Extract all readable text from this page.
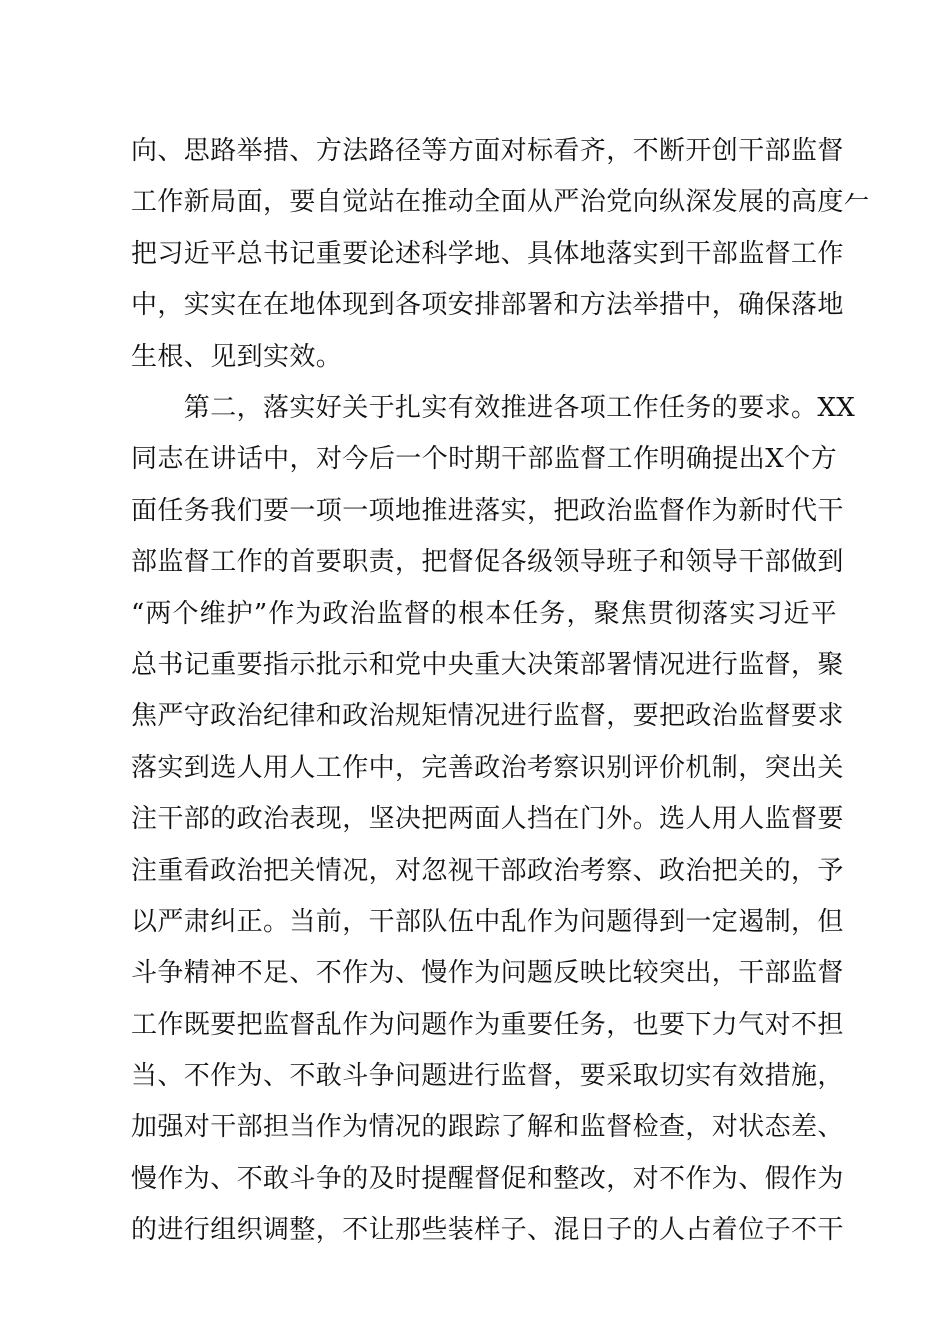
向、思路举措、方法路径等方面对标看齐，不断开创干部监督
工作新局面，要自觉站在推动全面从严治党向纵深发展的高度𠂉
把习近平总书记重要论述科学地、具体地落实到干部监督工作
中，实实在在地体现到各项安排部署和方法举措中，确保落地
生根、见到实效。
　　第二，落实好关于扎实有效推进各项工作任务的要求。XX
同志在讲话中，对今后一个时期干部监督工作明确提出X个方
面任务我们要一项一项地推进落实，把政治监督作为新时代干
部监督工作的首要职责，把督促各级领导班子和领导干部做到
“两个维护”作为政治监督的根本任务，聚焦贯彻落实习近平
总书记重要指示批示和党中央重大决策部署情况进行监督，聚
焦严守政治纪律和政治规矩情况进行监督，要把政治监督要求
落实到选人用人工作中，完善政治考察识别评价机制，突出关
注干部的政治表现，坚决把两面人挡在门外。选人用人监督要
注重看政治把关情况，对忽视干部政治考察、政治把关的，予
以严肃纠正。当前，干部队伍中乱作为问题得到一定遏制，但
斗争精神不足、不作为、慢作为问题反映比较突出，干部监督
工作既要把监督乱作为问题作为重要任务，也要下力气对不担
当、不作为、不敢斗争问题进行监督，要采取切实有效措施，
加强对干部担当作为情况的跟踪了解和监督检查，对状态差、
慢作为、不敢斗争的及时提醒督促和整改，对不作为、假作为
的进行组织调整，不让那些装样子、混日子的人占着位子不干
